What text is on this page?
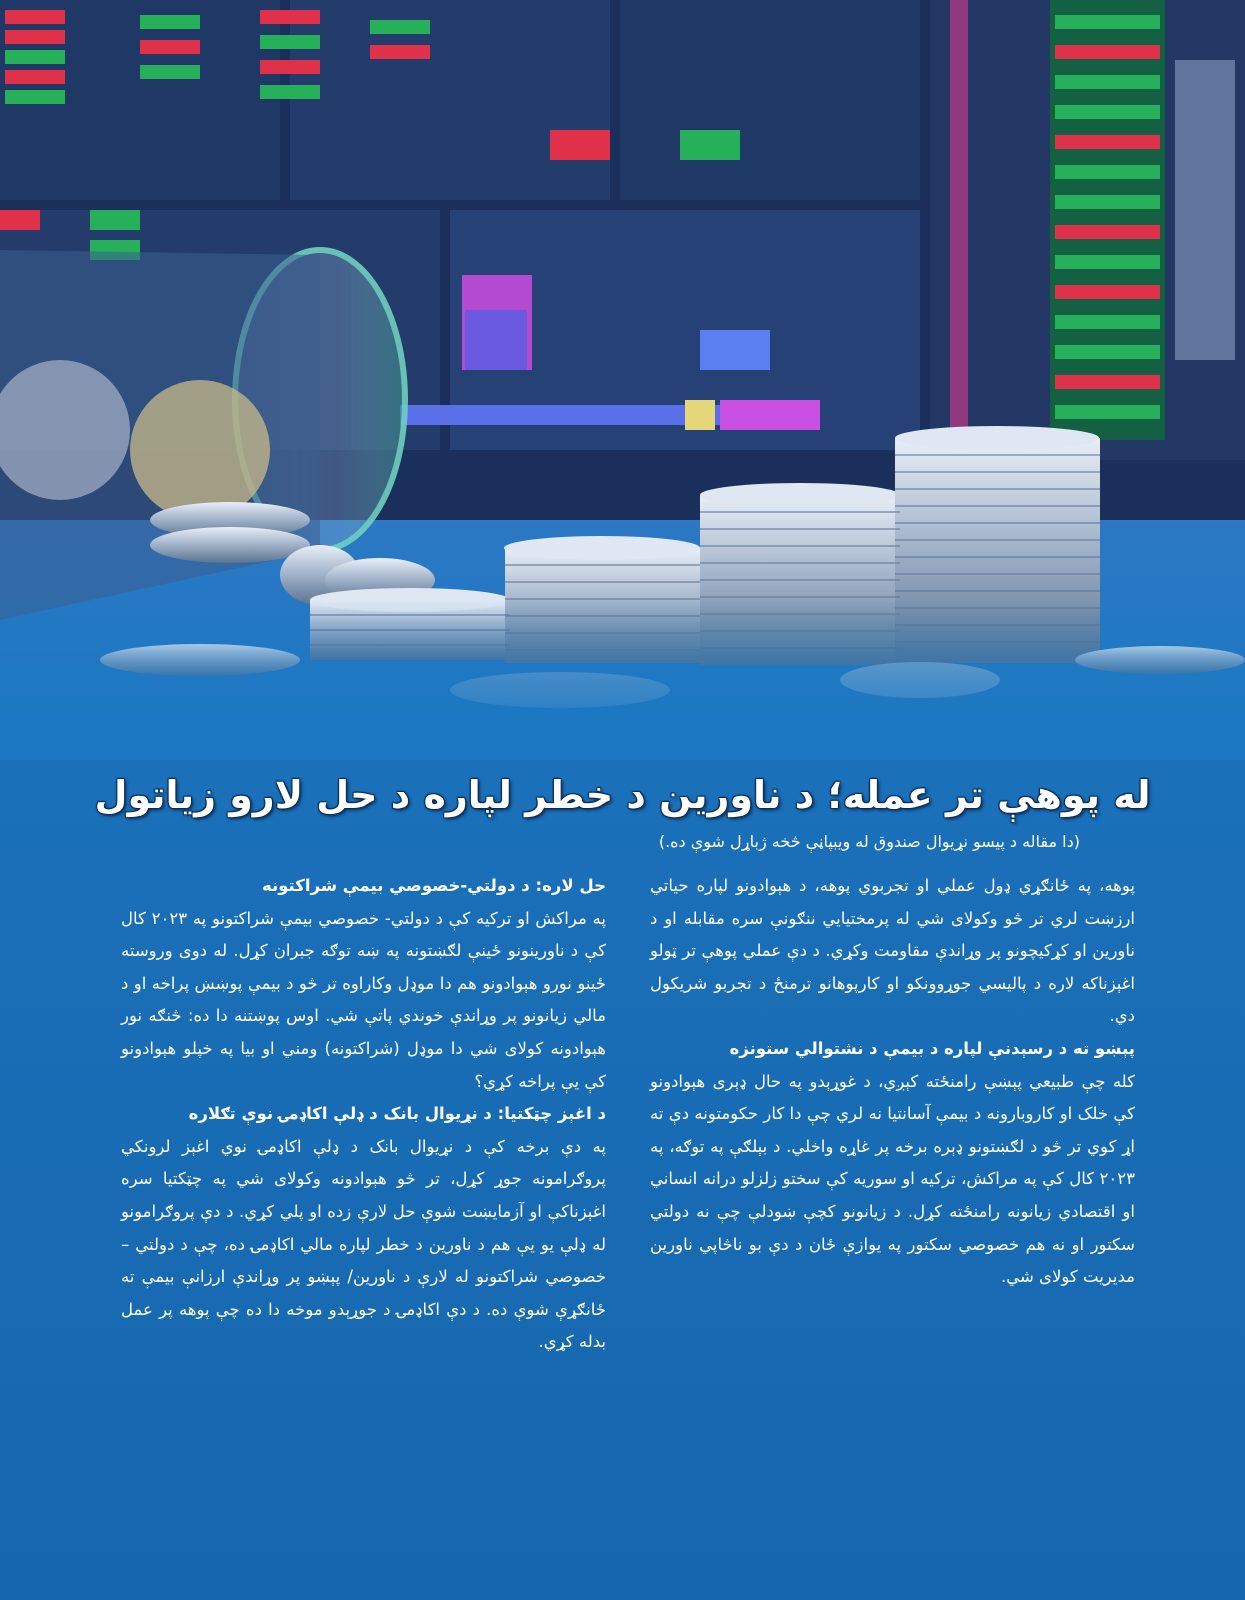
له پوهې تر عمله؛ د ناورین د خطر لپاره د حل لارو زیاتول
(دا مقاله د پیسو نړیوال صندوق له ویبپاڼې څخه ژباړل شوې ده.)

پوهه، په ځانګړي ډول عملي او تجربوي پوهه، د هېوادونو لپاره حیاتي ارزښت لري تر څو وکولای شي له پرمختیایي ننګونې سره مقابله او د ناورین او کړکیچونو پر وړاندې مقاومت وکړي. د دې عملي پوهې تر ټولو اغېزناکه لاره د پالیسي جوړوونکو او کارپوهانو ترمنځ د تجربو شریکول دي.

پېښو ته د رسېدنې لپاره د بیمې د نشتوالي ستونزه

کله چې طبیعي پېښې رامنځته کېږي، د غوړېدو په حال ډېری هېوادونو کې خلک او کاروبارونه د بیمې آسانتیا نه لري چې دا کار حکومتونه دې ته اړ کوي تر څو د لګښتونو ډېره برخه پر غاړه واخلي. د بېلګې په توګه، په ۲۰۲۳ کال کې په مراکش، ترکیه او سوریه کې سختو زلزلو درانه انساني او اقتصادي زیانونه رامنځته کړل. د زیانونو کچې ښودلې چې نه دولتي سکتور او نه هم خصوصي سکتور په یوازې ځان د دې بو ناڅاپي ناورین مدیریت کولای شي.

حل لاره: د دولتي-خصوصي بیمې شراکتونه

په مراکش او ترکیه کې د دولتي- خصوصي بیمې شراکتونو په ۲۰۲۳ کال کې د ناورینونو ځینې لګښتونه په ښه توګه جبران کړل. له دوی وروسته ځینو نورو هېوادونو هم دا موډل وکاراوه تر څو د بیمې پوښښ پراخه او د مالي زیانونو پر وړاندې خوندي پاتې شي. اوس پوښتنه دا ده: څنګه نور هېوادونه کولای شي دا موډل (شراکتونه) ومني او بیا په خپلو هېوادونو کې یې پراخه کړي؟

د اغېز چټکتیا: د نړیوال بانک د ډلې اکاډمۍ نوې تګلاره

په دې برخه کې د نړیوال بانک د ډلې اکاډمۍ نوي اغېز لرونکي پروګرامونه جوړ کړل، تر څو هېوادونه وکولای شي په چټکتیا سره اغېزناکې او آزمایښت شوې حل لارې زده او پلي کړي. د دې پروګرامونو له ډلې یو یې هم د ناورین د خطر لپاره مالي اکاډمۍ ده، چې د دولتي – خصوصي شراکتونو له لارې د ناورین/ پېښو پر وړاندې ارزانې بیمې ته ځانګړې شوې ده. د دې اکاډمۍ د جوړېدو موخه دا ده چې پوهه پر عمل بدله کړي.
